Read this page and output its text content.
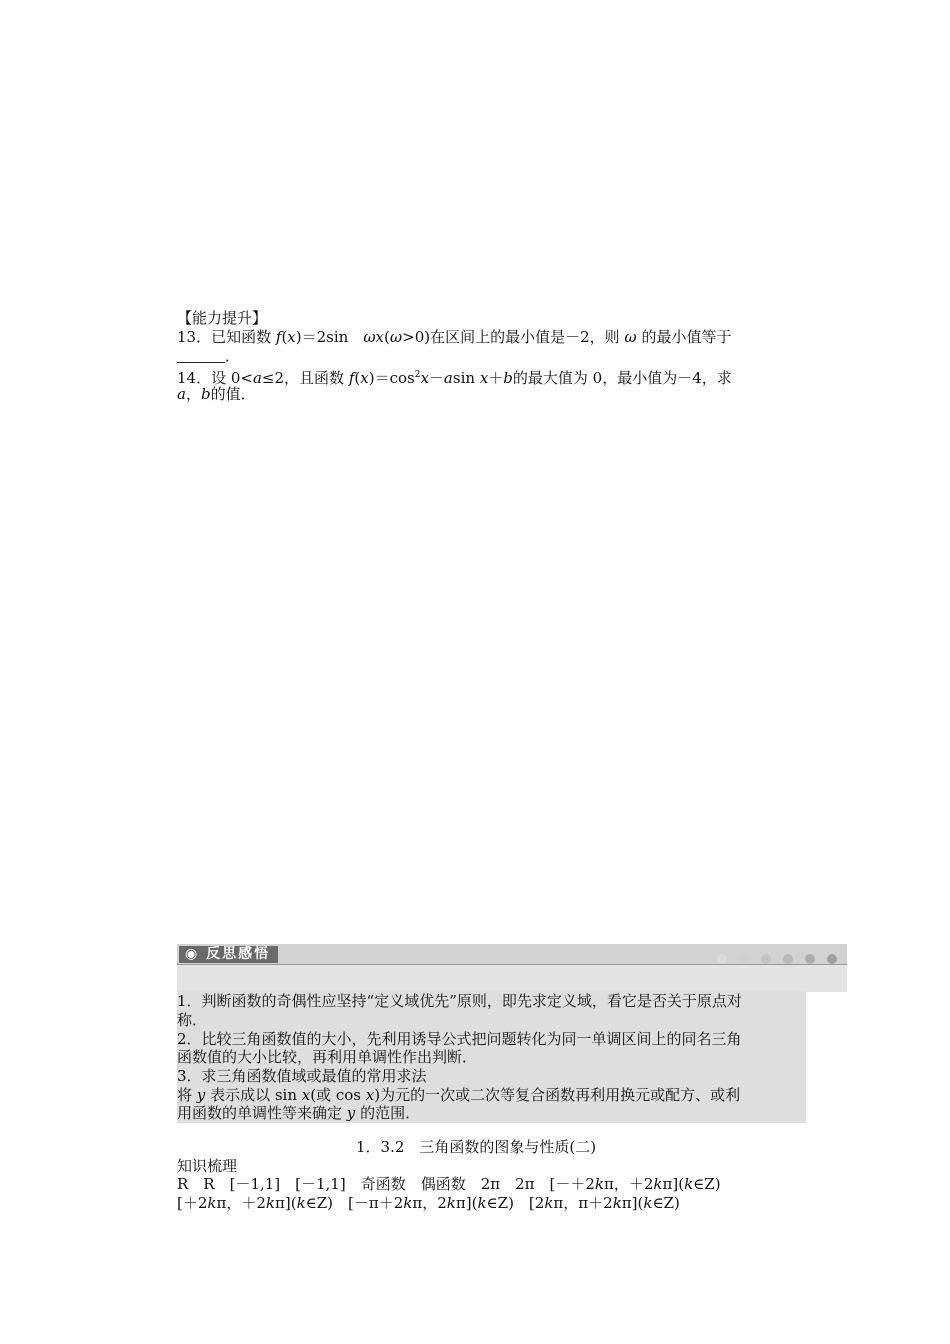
【能力提升】
13．已知函数 f(x)＝2sin　ωx(ω>0)在区间上的最小值是－2，则 ω 的最小值等于
．
14．设 0<a≤2，且函数 $f(x)=\cos^2x-asin$ x＋b的最大值为 0，最小值为－4，求
a，b的值．
◉ 反思感悟

1．判断函数的奇偶性应坚持“定义域优先”原则，即先求定义域，看它是否关于原点对
称．
2．比较三角函数值的大小，先利用诱导公式把问题转化为同一单调区间上的同名三角
函数值的大小比较，再利用单调性作出判断．
3．求三角函数值域或最值的常用求法
将 y 表示成以 sin x(或 cos x)为元的一次或二次等复合函数再利用换元或配方、或利
用函数的单调性等来确定 y 的范围．
1．3.2　三角函数的图象与性质(二)
知识梳理
R　R　[－1,1]　[－1,1]　奇函数　偶函数　2π　2π　[－＋2kπ，＋2kπ](k∈Z)
[＋2kπ，＋2kπ](k∈Z)　[－π＋2kπ，2kπ](k∈Z)　[2kπ，π＋2kπ](k∈Z)
